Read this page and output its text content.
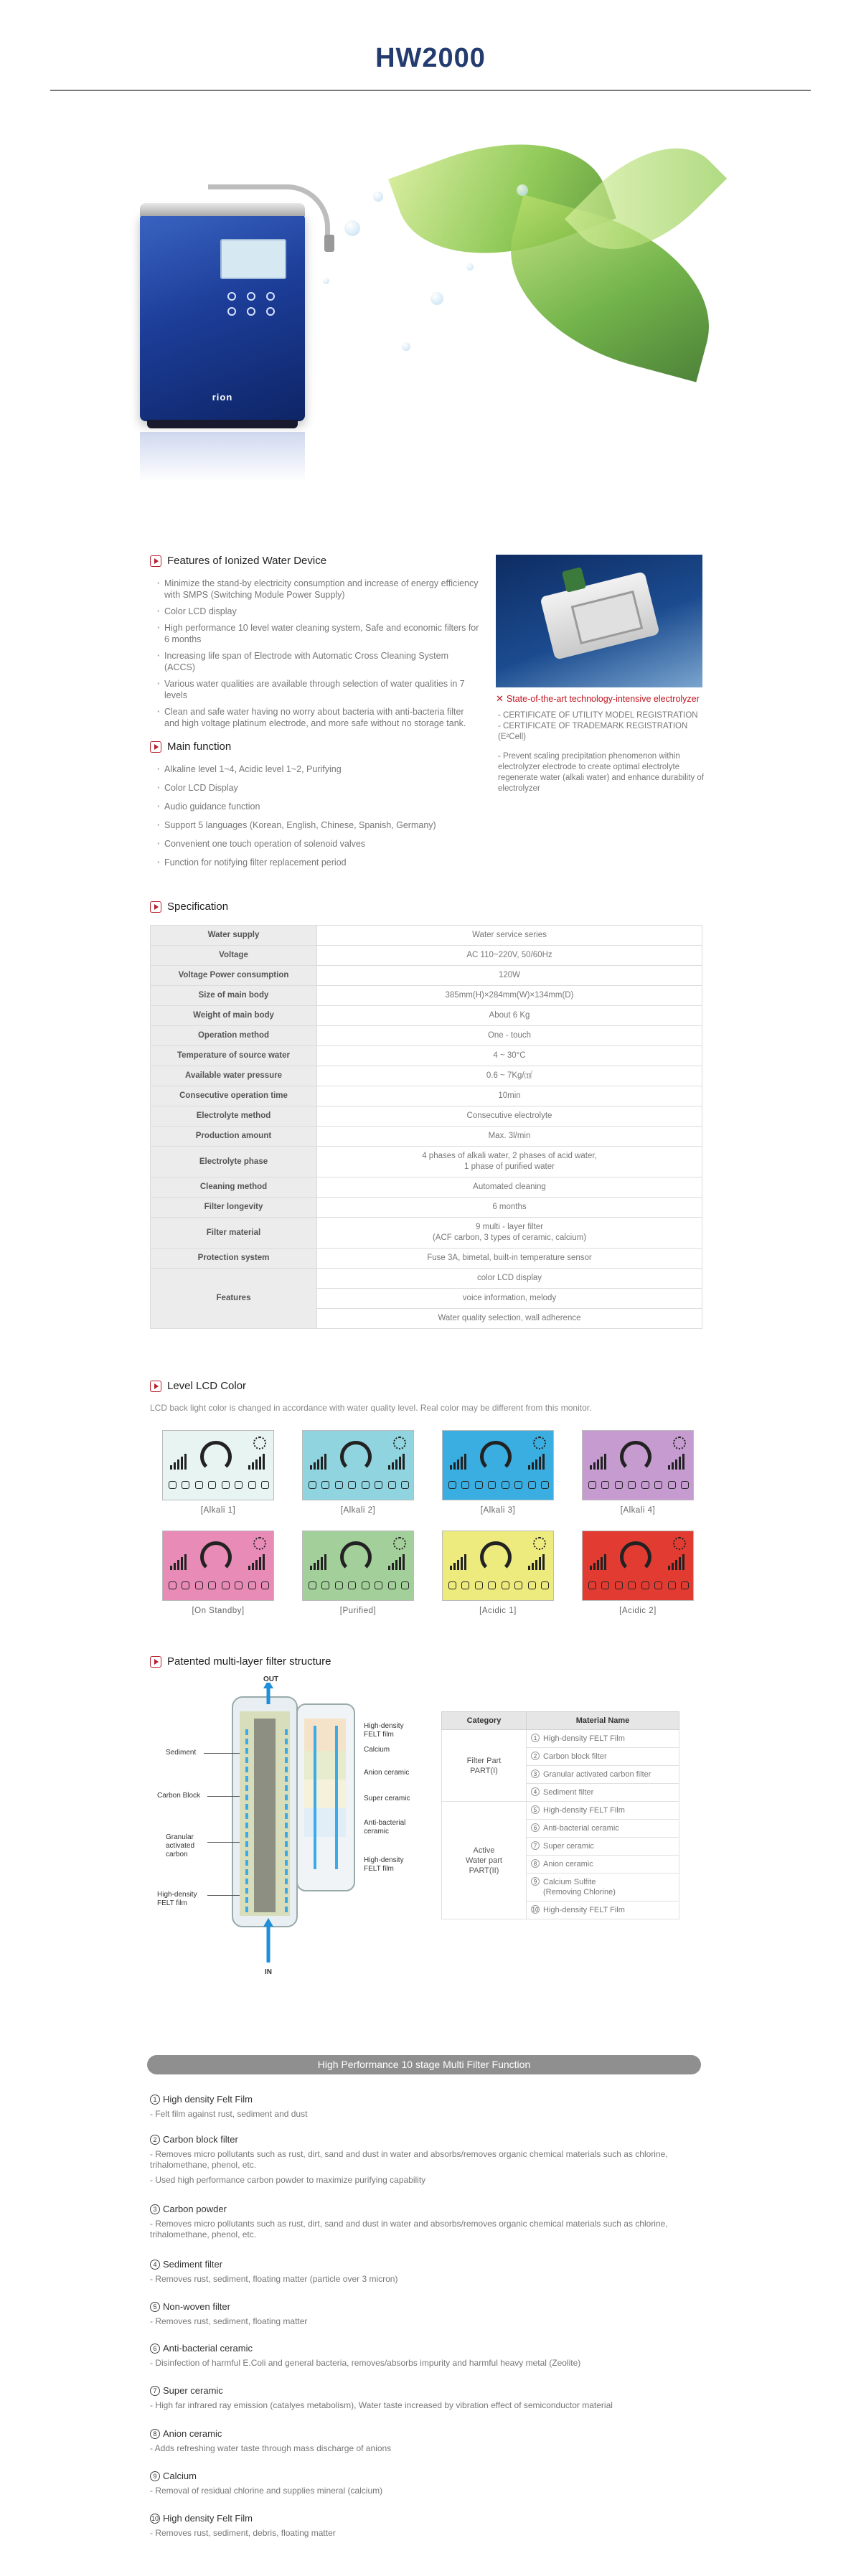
HW2000
rion
Features of Ionized Water Device
· Minimize the stand-by electricity consumption and increase of energy efficiency with SMPS (Switching Module Power Supply)
· Color LCD display
· High performance 10 level water cleaning system, Safe and economic filters for 6 months
· Increasing life span of Electrode with Automatic Cross Cleaning System (ACCS)
· Various water qualities are available through selection of water qualities in 7 levels
· Clean and safe water having no worry about bacteria with anti-bacteria filter and high voltage platinum electrode, and more safe without no storage tank.
✕ State-of-the-art technology-intensive electrolyzer
- CERTIFICATE OF UTILITY MODEL REGISTRATION
- CERTIFICATE OF TRADEMARK REGISTRATION (E²Cell)
- Prevent scaling precipitation phenomenon within electrolyzer electrode to create optimal electrolyte regenerate water (alkali water) and enhance durability of electrolyzer
Main function
· Alkaline level 1~4, Acidic level 1~2, Purifying
· Color LCD Display
· Audio guidance function
· Support 5 languages (Korean, English, Chinese, Spanish, Germany)
· Convenient one touch operation of solenoid valves
· Function for notifying filter replacement period
Specification
Water supply	Water service series
Voltage	AC 110~220V, 50/60Hz
Voltage Power consumption	120W
Size of main body	385mm(H)×284mm(W)×134mm(D)
Weight of main body	About 6 Kg
Operation method	One - touch
Temperature of source water	4 ~ 30°C
Available water pressure	0.6 ~ 7Kg/㎠
Consecutive operation time	10min
Electrolyte method	Consecutive electrolyte
Production amount	Max. 3l/min
Electrolyte phase	4 phases of alkali water, 2 phases of acid water,
1 phase of purified water

Cleaning method	Automated cleaning
Filter longevity	6 months
Filter material	9 multi - layer filter
(ACF carbon, 3 types of ceramic, calcium)

Protection system	Fuse 3A, bimetal, built-in temperature sensor
Features	color LCD display
	voice information, melody
	Water quality selection, wall adherence
Level LCD Color
LCD back light color is changed in accordance with water quality level. Real color may be different from this monitor.
[Alkali 1]	[Alkali 2]	[Alkali 3]	[Alkali 4]
[On Standby]	[Purified]	[Acidic 1]	[Acidic 2]
Patented multi-layer filter structure
OUT
IN
Sediment
Carbon Block
Granular activated carbon
High-density FELT film
High-density FELT film
Calcium
Anion ceramic
Super ceramic
Anti-bacterial ceramic
High-density FELT film
Category	Material Name

Filter Part
PART(I)	1 High-density FELT Film
	2 Carbon block filter
	3 Granular activated carbon filter
	4 Sediment filter

Active
Water part
PART(II)	5 High-density FELT Film
	6 Anti-bacterial ceramic
	7 Super ceramic
	8 Anion ceramic
	9 Calcium Sulfite
(Removing Chlorine)

	10 High-density FELT Film
High Performance 10 stage Multi Filter Function
1 High density Felt Film
- Felt film against rust, sediment and dust
2 Carbon block filter
- Removes micro pollutants such as rust, dirt, sand and dust in water and absorbs/removes organic chemical materials such as chlorine, trihalomethane, phenol, etc.
- Used high performance carbon powder to maximize purifying capability
3 Carbon powder
- Removes micro pollutants such as rust, dirt, sand and dust in water and absorbs/removes organic chemical materials such as chlorine, trihalomethane, phenol, etc.
4 Sediment filter
- Removes rust, sediment, floating matter (particle over 3 micron)
5 Non-woven filter
- Removes rust, sediment, floating matter
6 Anti-bacterial ceramic
- Disinfection of harmful E.Coli and general bacteria, removes/absorbs impurity and harmful heavy metal (Zeolite)
7 Super ceramic
- High far infrared ray emission (catalyes metabolism), Water taste increased by vibration effect of semiconductor material
8 Anion ceramic
- Adds refreshing water taste through mass discharge of anions
9 Calcium
- Removal of residual chlorine and supplies mineral (calcium)
10 High density Felt Film
- Removes rust, sediment, debris, floating matter
